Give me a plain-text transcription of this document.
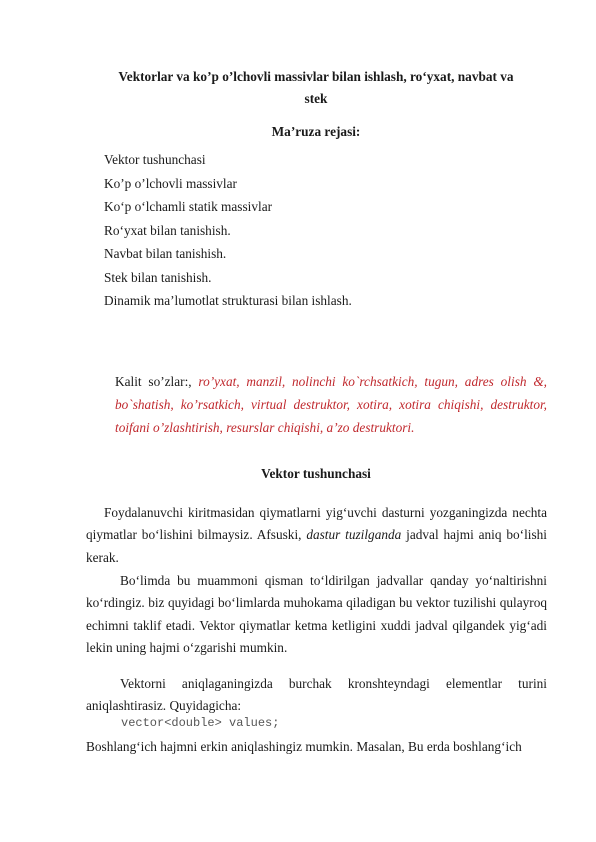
Vektorlar va ko’p o’lchovli massivlar bilan ishlash, ro‘yxat, navbat va
stek
Ma’ruza rejasi:
Vektor tushunchasi
Ko’p o’lchovli massivlar
Ko‘p o‘lchamli statik massivlar
Ro‘yxat bilan tanishish.
Navbat bilan tanishish.
Stek bilan tanishish.
Dinamik ma’lumotlat strukturasi bilan ishlash.
Kalit so’zlar:, ro’yxat, manzil, nolinchi ko`rchsatkich, tugun, adres olish &, bo`shatish, ko’rsatkich, virtual destruktor, xotira, xotira chiqishi, destruktor, toifani o’zlashtirish, resurslar chiqishi, a’zo destruktori.
Vektor tushunchasi

Foydalanuvchi kiritmasidan qiymatlarni yig‘uvchi dasturni yozganingizda nechta qiymatlar bo‘lishini bilmaysiz. Afsuski, dastur tuzilganda jadval hajmi aniq bo‘lishi kerak.

Bo‘limda bu muammoni qisman to‘ldirilgan jadvallar qanday yo‘naltirishni ko‘rdingiz. biz quyidagi bo‘limlarda muhokama qiladigan bu vektor tuzilishi qulayroq echimni taklif etadi. Vektor qiymatlar ketma ketligini xuddi jadval qilgandek yig‘adi lekin uning hajmi o‘zgarishi mumkin.

Vektorni aniqlaganingizda burchak kronshteyndagi elementlar turini aniqlashtirasiz. Quyidagicha:

vector<double> values;

Boshlang‘ich hajmni erkin aniqlashingiz mumkin. Masalan, Bu erda boshlang‘ich
